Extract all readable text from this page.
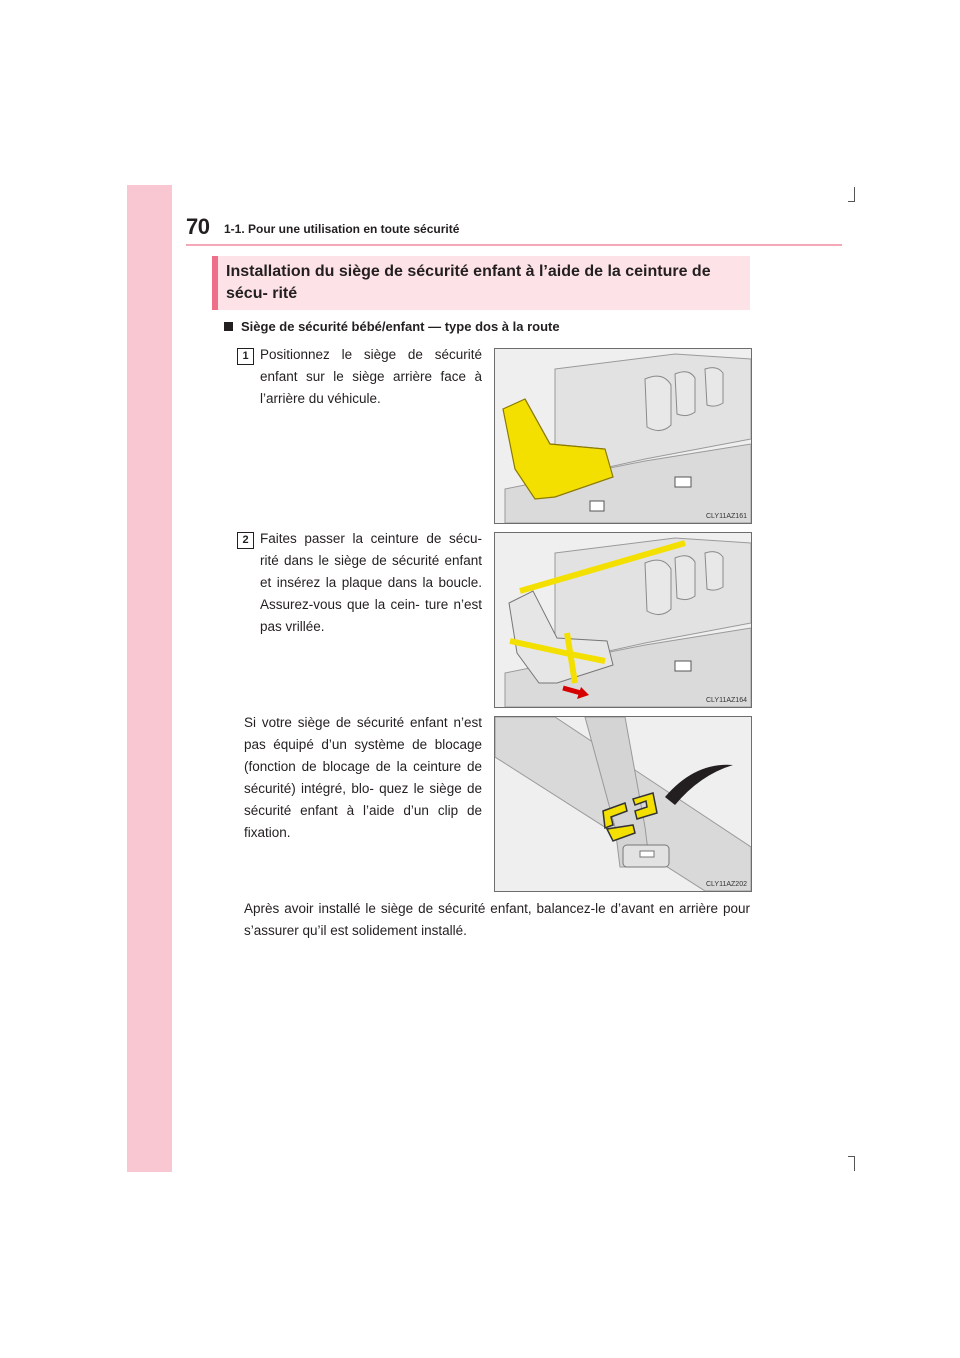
70 1-1. Pour une utilisation en toute sécurité
Installation du siège de sécurité enfant à l’aide de la ceinture de sécu- rité
Siège de sécurité bébé/enfant — type dos à la route
1 Positionnez le siège de sécurité enfant sur le siège arrière face à l’arrière du véhicule.
CLY11AZ161
2 Faites passer la ceinture de sécu- rité dans le siège de sécurité enfant et insérez la plaque dans la boucle. Assurez-vous que la cein- ture n’est pas vrillée.
CLY11AZ164
Si votre siège de sécurité enfant n’est pas équipé d’un système de blocage (fonction de blocage de la ceinture de sécurité) intégré, blo- quez le siège de sécurité enfant à l’aide d’un clip de fixation.
CLY11AZ202
Après avoir installé le siège de sécurité enfant, balancez-le d’avant en arrière pour s’assurer qu’il est solidement installé.
